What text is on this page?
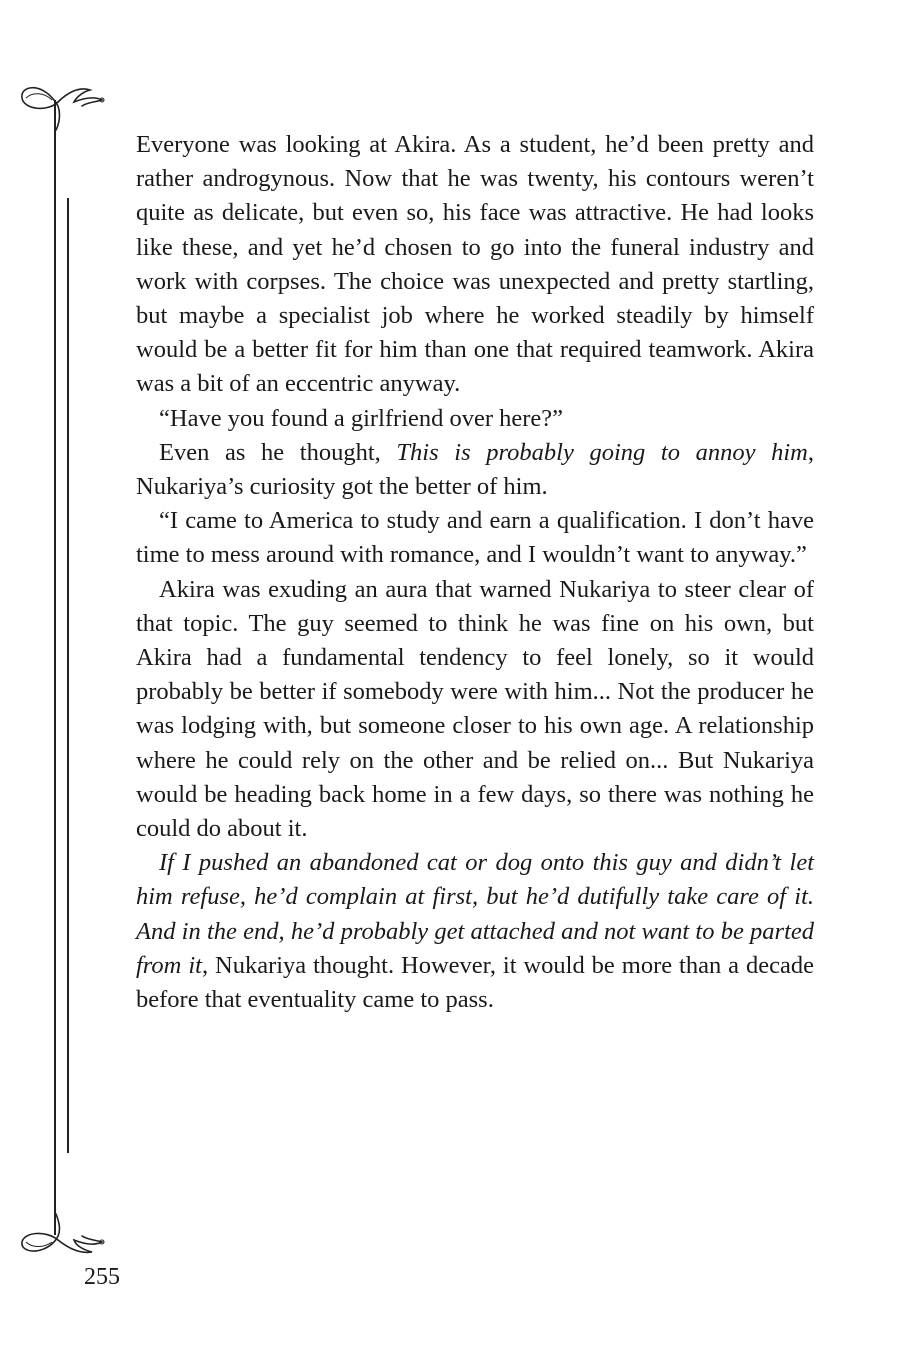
Everyone was looking at Akira. As a student, he’d been pretty and rather androgynous. Now that he was twenty, his contours weren’t quite as delicate, but even so, his face was attractive. He had looks like these, and yet he’d chosen to go into the funeral industry and work with corpses. The choice was unexpected and pretty startling, but maybe a specialist job where he worked steadily by himself would be a better fit for him than one that required teamwork. Akira was a bit of an eccentric anyway.

“Have you found a girlfriend over here?”

Even as he thought, This is probably going to annoy him, Nukariya’s curiosity got the better of him.

“I came to America to study and earn a qualification. I don’t have time to mess around with romance, and I wouldn’t want to anyway.”

Akira was exuding an aura that warned Nukariya to steer clear of that topic. The guy seemed to think he was fine on his own, but Akira had a fundamental tendency to feel lonely, so it would probably be better if somebody were with him... Not the producer he was lodging with, but someone closer to his own age. A relationship where he could rely on the other and be relied on... But Nukariya would be heading back home in a few days, so there was nothing he could do about it.

If I pushed an abandoned cat or dog onto this guy and didn’t let him refuse, he’d complain at first, but he’d dutifully take care of it. And in the end, he’d probably get attached and not want to be parted from it, Nukariya thought. However, it would be more than a decade before that eventuality came to pass.

255
